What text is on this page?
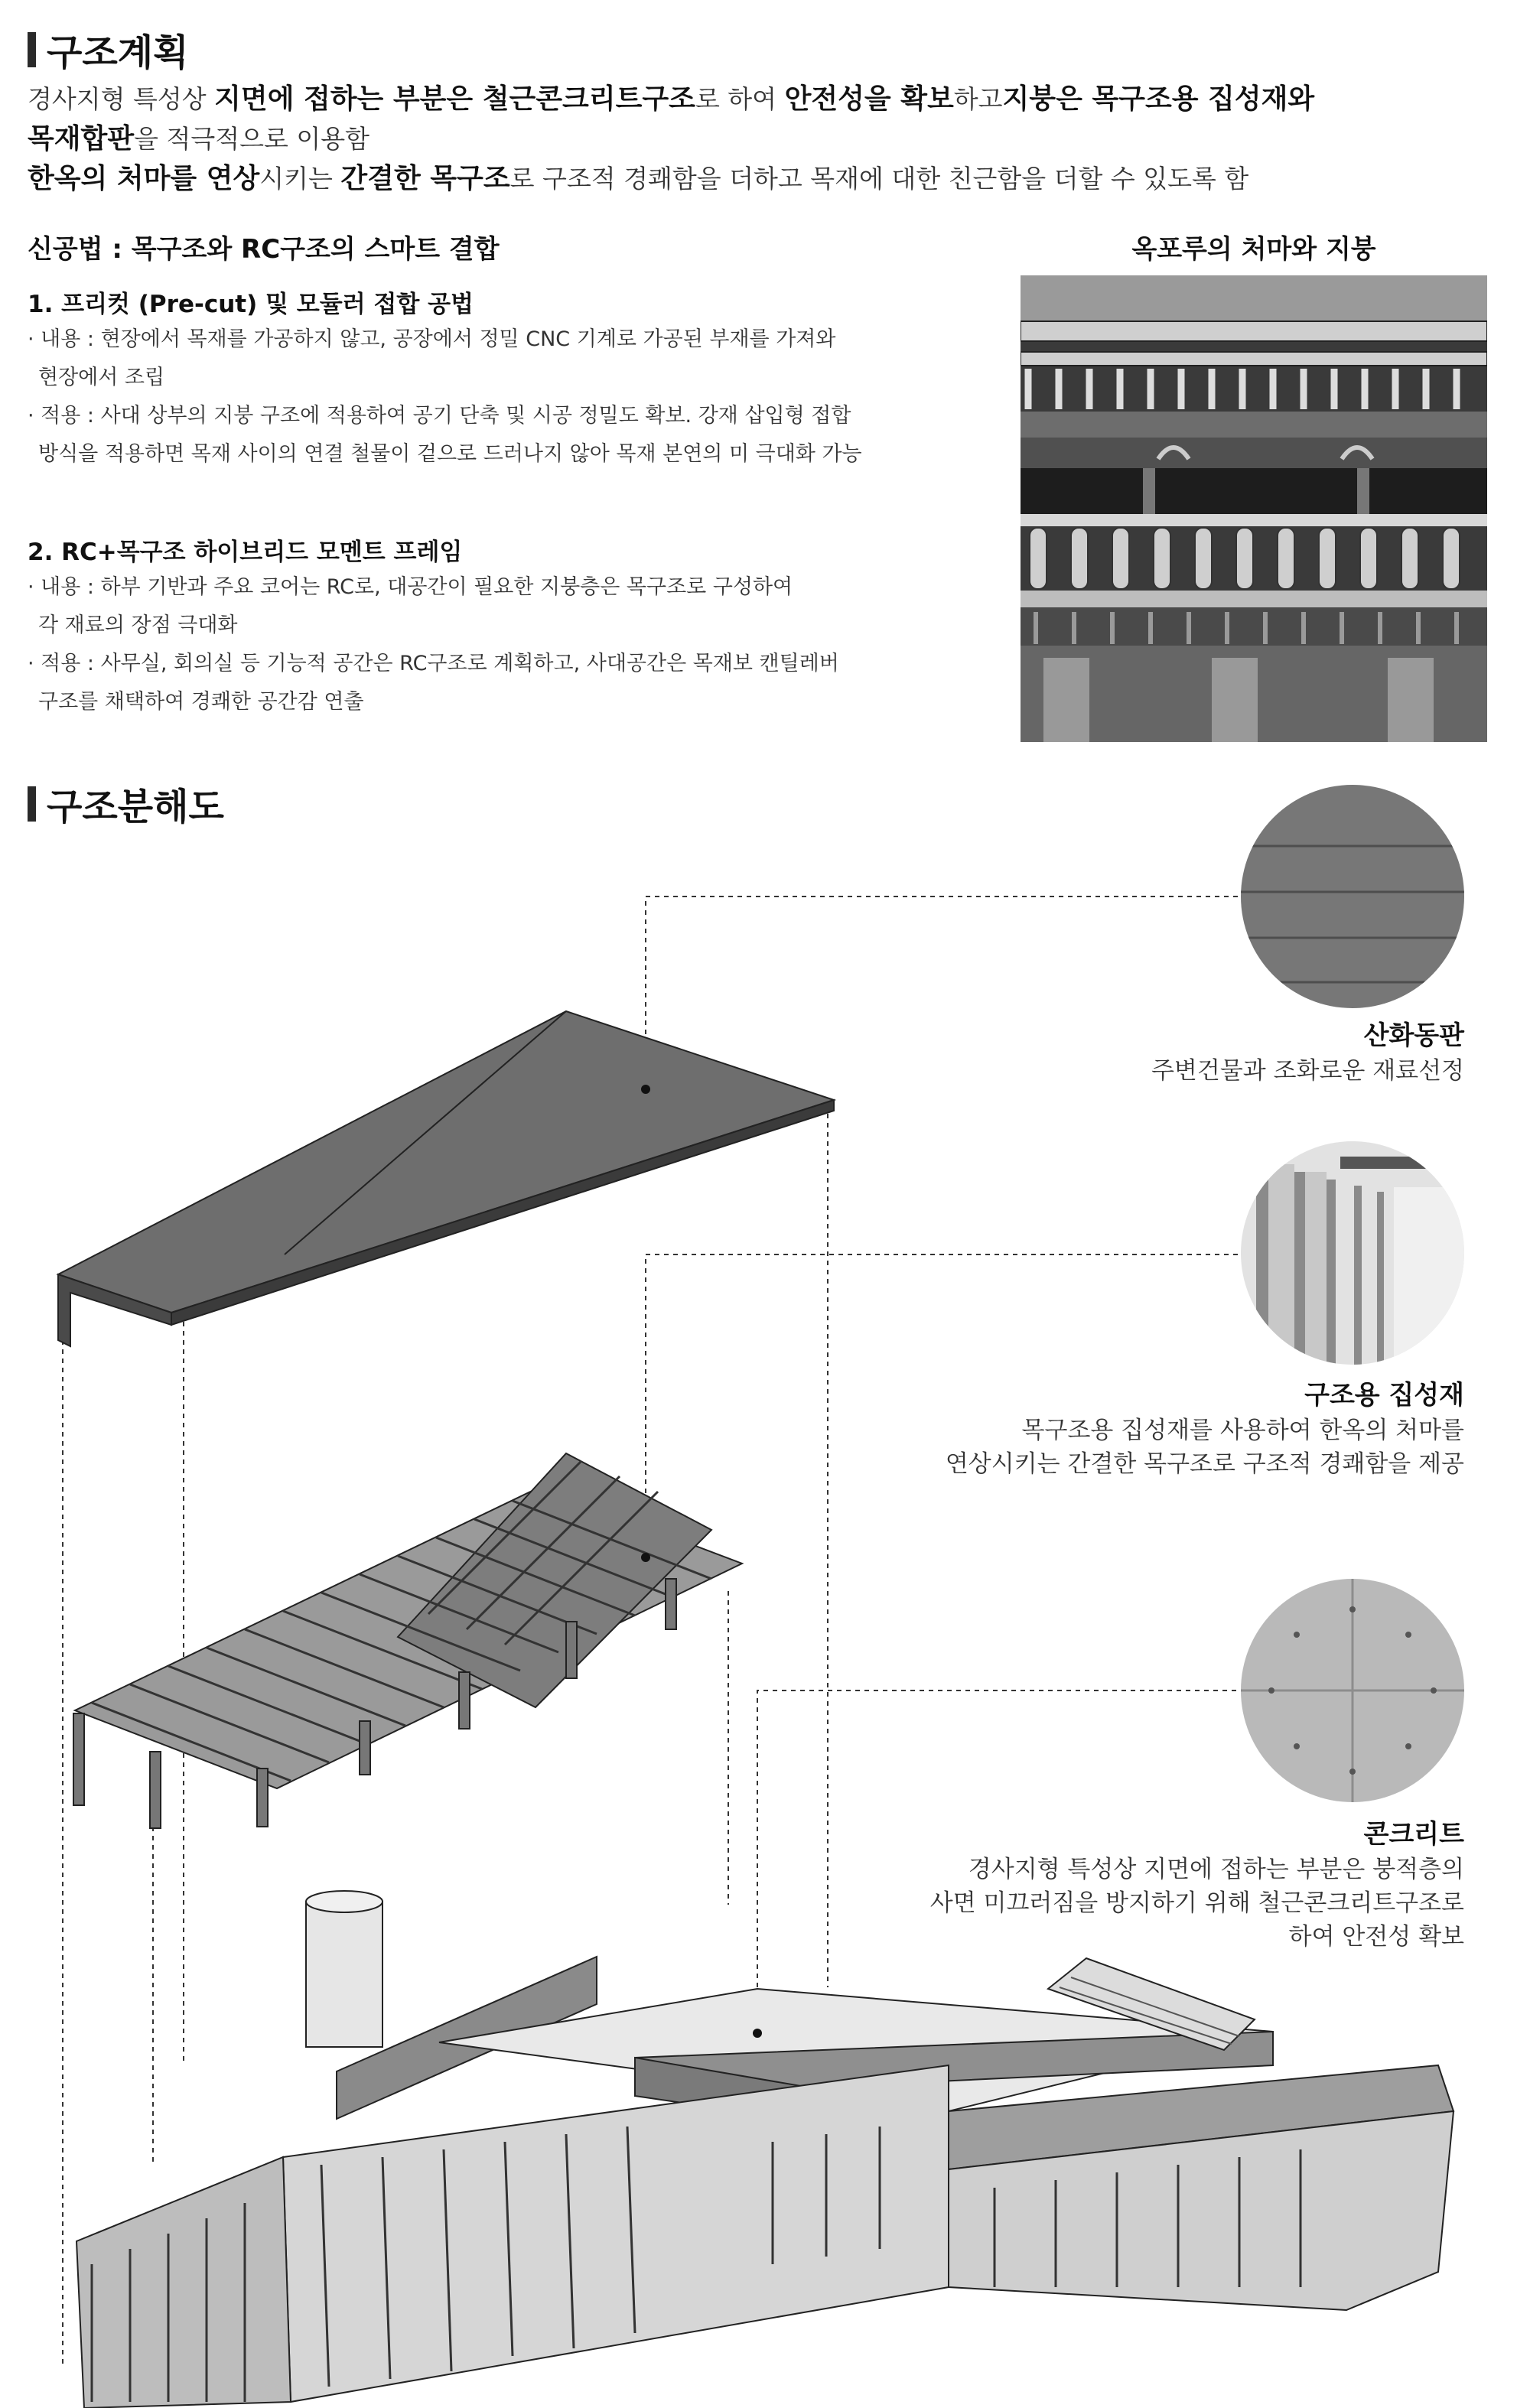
구조계획
경사지형 특성상 지면에 접하는 부분은 철근콘크리트구조로 하여 안전성을 확보하고지붕은 목구조용 집성재와
목재합판을 적극적으로 이용함
한옥의 처마를 연상시키는 간결한 목구조로 구조적 경쾌함을 더하고 목재에 대한 친근함을 더할 수 있도록 함
신공법 : 목구조와 RC구조의 스마트 결합
1. 프리컷 (Pre-cut) 및 모듈러 접합 공법
· 내용 : 현장에서 목재를 가공하지 않고, 공장에서 정밀 CNC 기계로 가공된 부재를 가져와
현장에서 조립
· 적용 : 사대 상부의 지붕 구조에 적용하여 공기 단축 및 시공 정밀도 확보. 강재 삽입형 접합
방식을 적용하면 목재 사이의 연결 철물이 겉으로 드러나지 않아 목재 본연의 미 극대화 가능
2. RC+목구조 하이브리드 모멘트 프레임
· 내용 : 하부 기반과 주요 코어는 RC로, 대공간이 필요한 지붕층은 목구조로 구성하여
각 재료의 장점 극대화
· 적용 : 사무실, 회의실 등 기능적 공간은 RC구조로 계획하고, 사대공간은 목재보 캔틸레버
구조를 채택하여 경쾌한 공간감 연출
옥포루의 처마와 지붕
구조분해도
산화동판
주변건물과 조화로운 재료선정
구조용 집성재
목구조용 집성재를 사용하여 한옥의 처마를
연상시키는 간결한 목구조로 구조적 경쾌함을 제공
콘크리트
경사지형 특성상 지면에 접하는 부분은 붕적층의
사면 미끄러짐을 방지하기 위해 철근콘크리트구조로
하여 안전성 확보
